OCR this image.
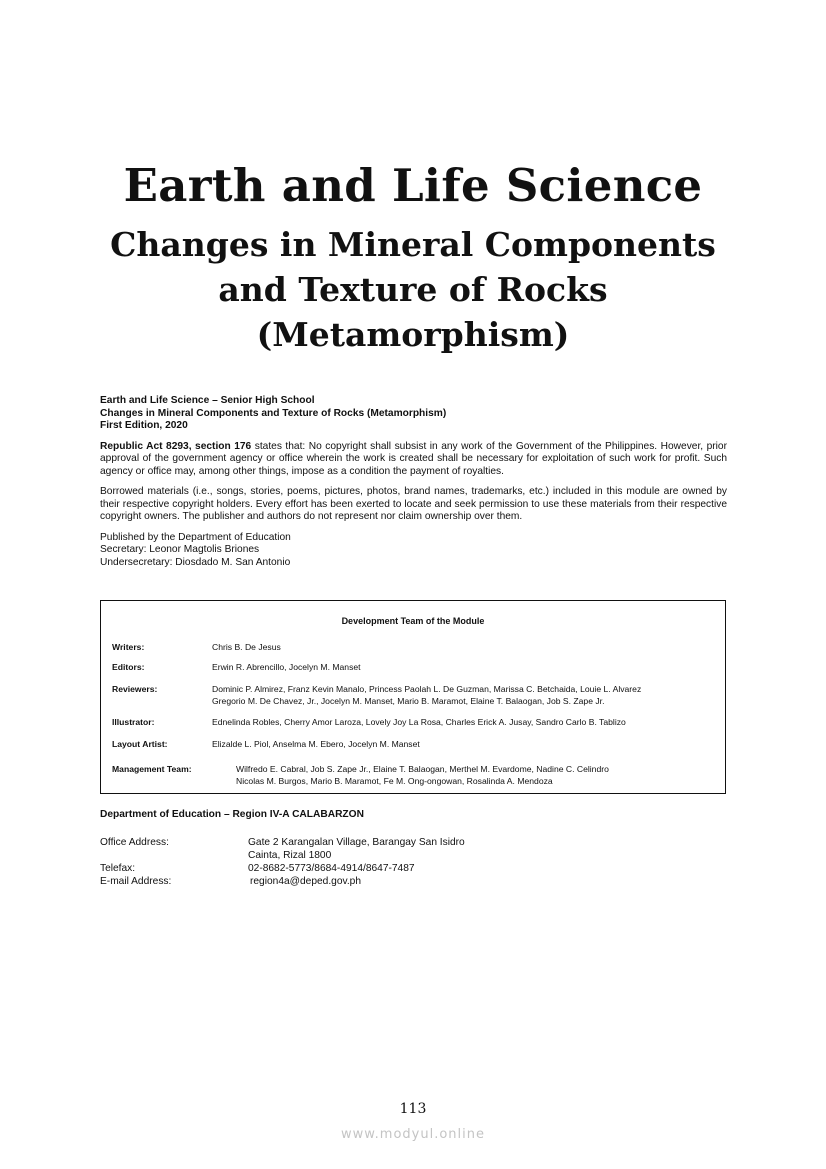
Earth and Life Science
Changes in Mineral Components
and Texture of Rocks
(Metamorphism)

Earth and Life Science – Senior High School
Changes in Mineral Components and Texture of Rocks (Metamorphism)
First Edition, 2020

Republic Act 8293, section 176 states that: No copyright shall subsist in any work of the Government of the Philippines. However, prior approval of the government agency or office wherein the work is created shall be necessary for exploitation of such work for profit. Such agency or office may, among other things, impose as a condition the payment of royalties.

Borrowed materials (i.e., songs, stories, poems, pictures, photos, brand names, trademarks, etc.) included in this module are owned by their respective copyright holders. Every effort has been exerted to locate and seek permission to use these materials from their respective copyright owners. The publisher and authors do not represent nor claim ownership over them.

Published by the Department of Education
Secretary: Leonor Magtolis Briones
Undersecretary: Diosdado M. San Antonio

Development Team of the Module
Writers:	Chris B. De Jesus
Editors:	Erwin R. Abrencillo, Jocelyn M. Manset
Reviewers:	Dominic P. Almirez, Franz Kevin Manalo, Princess Paolah L. De Guzman, Marissa C. Betchaida, Louie L. Alvarez
Gregorio M. De Chavez, Jr., Jocelyn M. Manset, Mario B. Maramot, Elaine T. Balaogan, Job S. Zape Jr.
Illustrator:	Ednelinda Robles, Cherry Amor Laroza, Lovely Joy La Rosa, Charles Erick A. Jusay, Sandro Carlo B. Tablizo
Layout Artist:	Elizalde L. Piol, Anselma M. Ebero, Jocelyn M. Manset
Management Team:	Wilfredo E. Cabral, Job S. Zape Jr., Elaine T. Balaogan, Merthel M. Evardome, Nadine C. Celindro
Nicolas M. Burgos, Mario B. Maramot, Fe M. Ong-ongowan, Rosalinda A. Mendoza
Department of Education – Region IV-A CALABARZON
Office Address:	Gate 2 Karangalan Village, Barangay San Isidro
Cainta, Rizal 1800
Telefax:	02-8682-5773/8684-4914/8647-7487
E-mail Address:	region4a@deped.gov.ph
113
www.modyul.online
